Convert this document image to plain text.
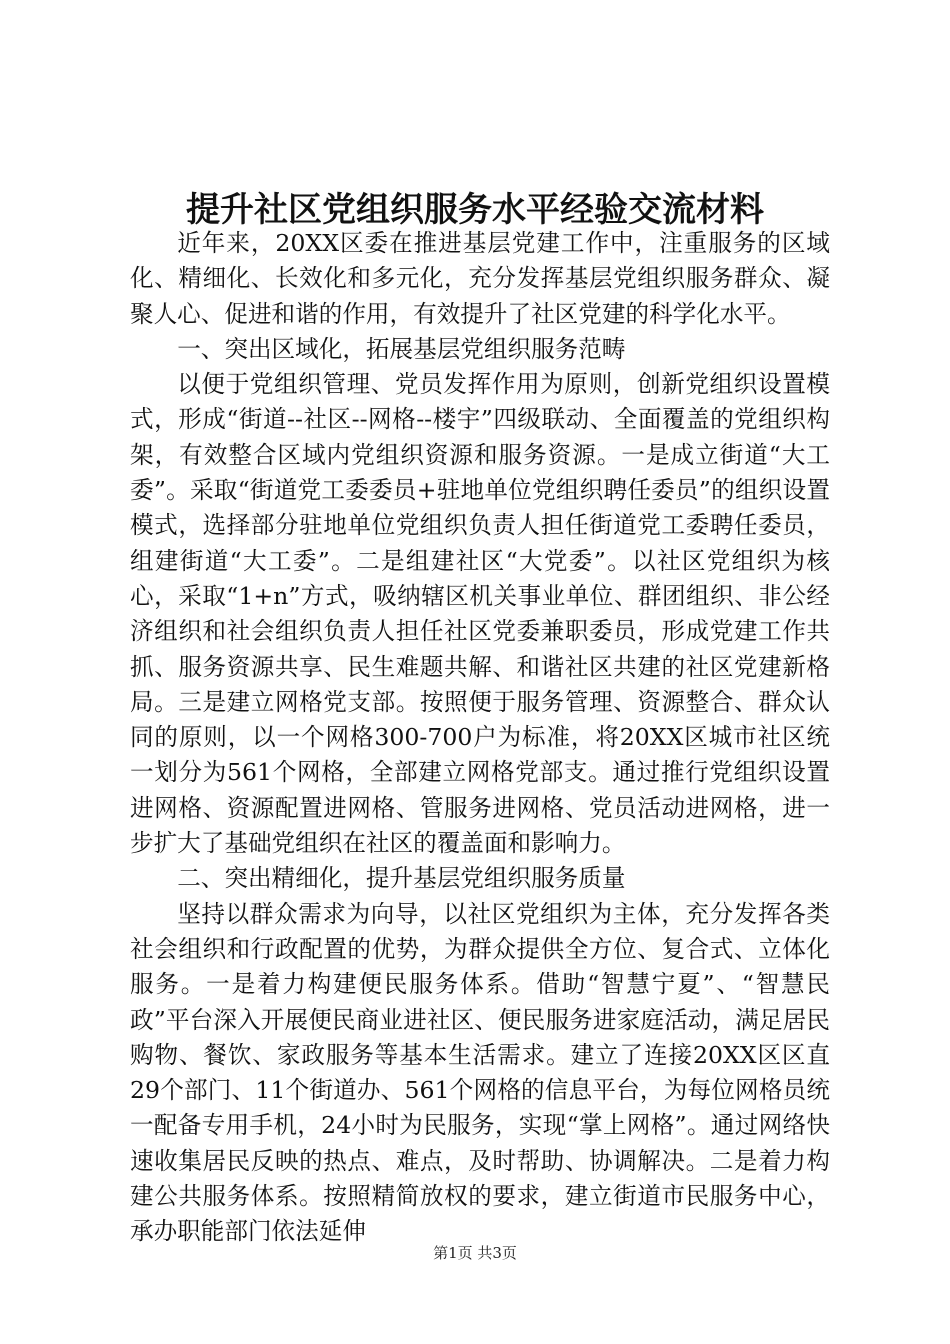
提升社区党组织服务水平经验交流材料

近年来，20XX区委在推进基层党建工作中，注重服务的区域化、精细化、长效化和多元化，充分发挥基层党组织服务群众、凝聚人心、促进和谐的作用，有效提升了社区党建的科学化水平。

一、突出区域化，拓展基层党组织服务范畴

以便于党组织管理、党员发挥作用为原则，创新党组织设置模式，形成“街道--社区--网格--楼宇”四级联动、全面覆盖的党组织构架，有效整合区域内党组织资源和服务资源。一是成立街道“大工委”。采取“街道党工委委员+驻地单位党组织聘任委员”的组织设置模式，选择部分驻地单位党组织负责人担任街道党工委聘任委员，组建街道“大工委”。二是组建社区“大党委”。以社区党组织为核心，采取“1+n”方式，吸纳辖区机关事业单位、群团组织、非公经济组织和社会组织负责人担任社区党委兼职委员，形成党建工作共抓、服务资源共享、民生难题共解、和谐社区共建的社区党建新格局。三是建立网格党支部。按照便于服务管理、资源整合、群众认同的原则，以一个网格300-700户为标准，将20XX区城市社区统一划分为561个网格，全部建立网格党部支。通过推行党组织设置进网格、资源配置进网格、管服务进网格、党员活动进网格，进一步扩大了基础党组织在社区的覆盖面和影响力。

二、突出精细化，提升基层党组织服务质量

坚持以群众需求为向导，以社区党组织为主体，充分发挥各类社会组织和行政配置的优势，为群众提供全方位、复合式、立体化服务。一是着力构建便民服务体系。借助“智慧宁夏”、“智慧民政”平台深入开展便民商业进社区、便民服务进家庭活动，满足居民购物、餐饮、家政服务等基本生活需求。建立了连接20XX区区直29个部门、11个街道办、561个网格的信息平台，为每位网格员统一配备专用手机，24小时为民服务，实现“掌上网格”。通过网络快速收集居民反映的热点、难点，及时帮助、协调解决。二是着力构建公共服务体系。按照精简放权的要求，建立街道市民服务中心，承办职能部门依法延伸

第1页 共3页
